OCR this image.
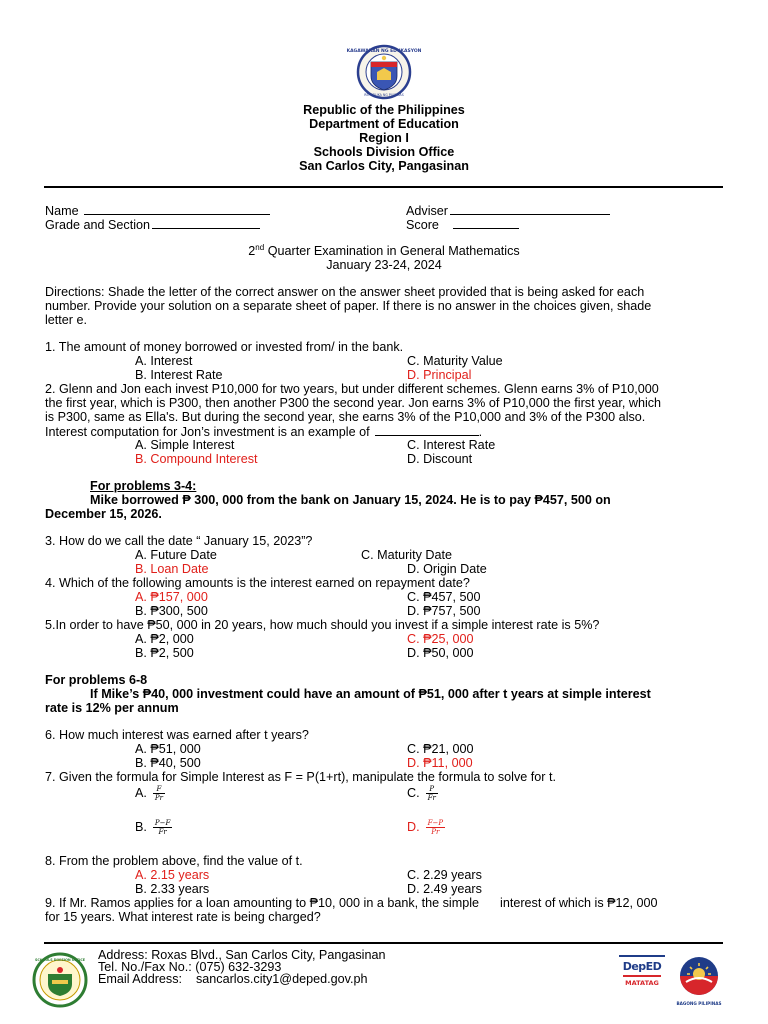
KAGAWARAN NG EDUKASYON
REPUBLIKA NG PILIPINAS
Republic of the Philippines
Department of Education
Region I
Schools Division Office
San Carlos City, Pangasinan
Name
Grade and Section
Adviser
Score
2nd Quarter Examination in General Mathematics
January 23-24, 2024
Directions: Shade the letter of the correct answer on the answer sheet provided that is being asked for each
number. Provide your solution on a separate sheet of paper. If there is no answer in the choices given, shade
letter e.
1. The amount of money borrowed or invested from/ in the bank.
A. Interest	C. Maturity Value
B. Interest Rate	D. Principal
2. Glenn and Jon each invest P10,000 for two years, but under different schemes. Glenn earns 3% of P10,000
the first year, which is P300, then another P300 the second year. Jon earns 3% of P10,000 the first year, which
is P300, same as Ella's. But during the second year, she earns 3% of the P10,000 and 3% of the P300 also.
Interest computation for Jon’s investment is an example of	.
A. Simple Interest	C. Interest Rate
B. Compound Interest	D. Discount
For problems 3-4:
Mike borrowed ₱ 300, 000 from the bank on January 15, 2024. He is to pay ₱457, 500 on
December 15, 2026.
3. How do we call the date “ January 15, 2023”?
A. Future Date	C. Maturity Date
B. Loan Date	D. Origin Date
4. Which of the following amounts is the interest earned on repayment date?
A. ₱157, 000	C. ₱457, 500
B. ₱300, 500	D. ₱757, 500
5.In order to have ₱50, 000 in 20 years, how much should you invest if a simple interest rate is 5%?
A. ₱2, 000	C. ₱25, 000
B. ₱2, 500	D. ₱50, 000
For problems 6-8
If Mike’s ₱40, 000 investment could have an amount of ₱51, 000 after t years at simple interest
rate is 12% per annum
6. How much interest was earned after t years?
A. ₱51, 000	C. ₱21, 000
B. ₱40, 500	D. ₱11, 000
7. Given the formula for Simple Interest as F = P(1+rt), manipulate the formula to solve for t.
A. $\frac{F}{Pr}$	C. $\frac{P}{Fr}$
B. $\frac{P-F}{Fr}$	D. $\frac{F-P}{Pr}$
8. From the problem above, find the value of t.
A. 2.15 years	C. 2.29 years
B. 2.33 years	D. 2.49 years
9. If Mr. Ramos applies for a loan amounting to ₱10, 000 in a bank, the simple      interest of which is ₱12, 000
for 15 years. What interest rate is being charged?
SCHOOLS DIVISION OFFICE Address: Roxas Blvd., San Carlos City, Pangasinan
Tel. No./Fax No.: (075) 632-3293
Email Address: sancarlos.city1@deped.gov.ph
DepED
MATATAG
BAGONG PILIPINAS
